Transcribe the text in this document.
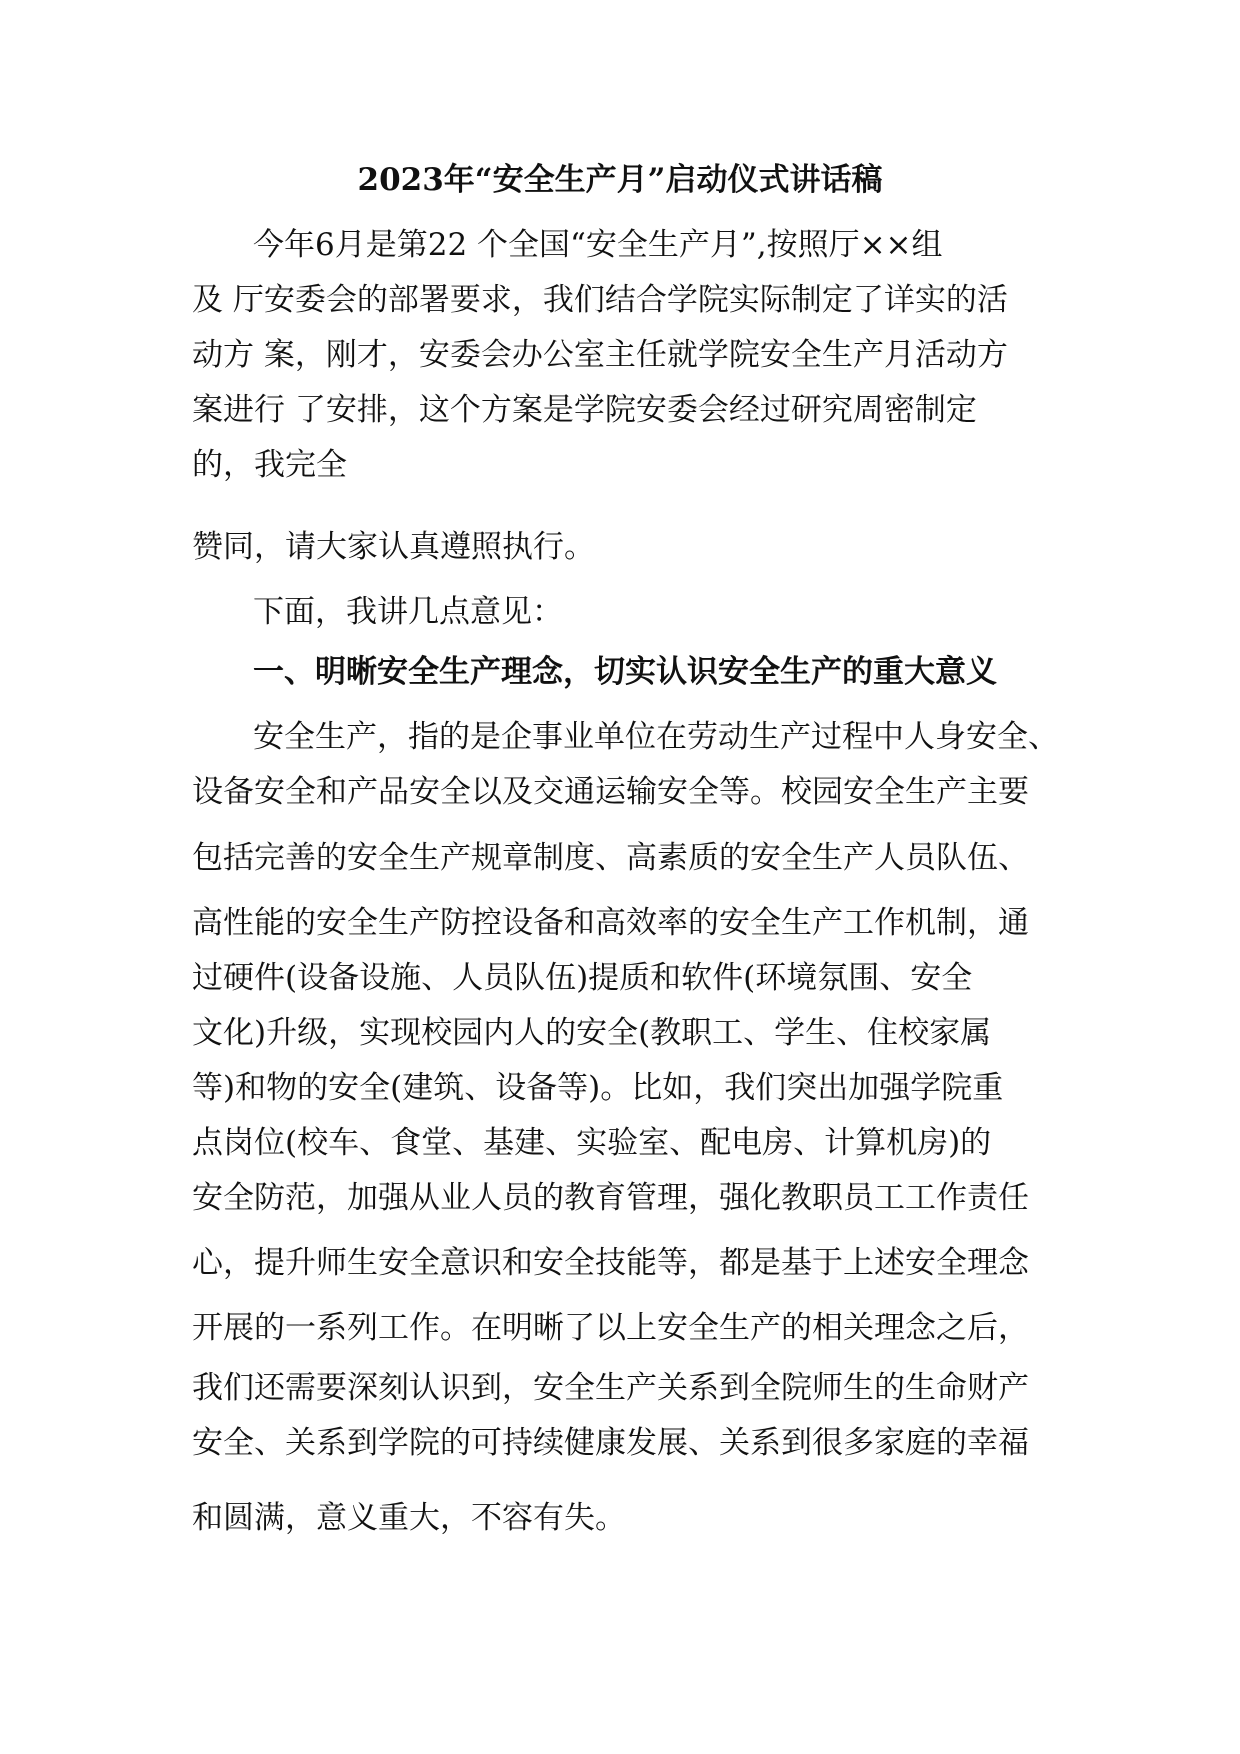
2023年“安全生产月”启动仪式讲话稿
今年6月是第22 个全国“安全生产月”,按照厅××组
及 厅安委会的部署要求，我们结合学院实际制定了详实的活
动方 案，刚才，安委会办公室主任就学院安全生产月活动方
案进行 了安排，这个方案是学院安委会经过研究周密制定
的，我完全
赞同，请大家认真遵照执行。
下面，我讲几点意见：
一、明晰安全生产理念，切实认识安全生产的重大意义
安全生产，指的是企事业单位在劳动生产过程中人身安全、
设备安全和产品安全以及交通运输安全等。校园安全生产主要
包括完善的安全生产规章制度、高素质的安全生产人员队伍、
高性能的安全生产防控设备和高效率的安全生产工作机制，通
过硬件(设备设施、人员队伍)提质和软件(环境氛围、安全
文化)升级，实现校园内人的安全(教职工、学生、住校家属
等)和物的安全(建筑、设备等)。比如，我们突出加强学院重
点岗位(校车、食堂、基建、实验室、配电房、计算机房)的
安全防范，加强从业人员的教育管理，强化教职员工工作责任
心，提升师生安全意识和安全技能等，都是基于上述安全理念
开展的一系列工作。在明晰了以上安全生产的相关理念之后，
我们还需要深刻认识到，安全生产关系到全院师生的生命财产
安全、关系到学院的可持续健康发展、关系到很多家庭的幸福
和圆满，意义重大，不容有失。
